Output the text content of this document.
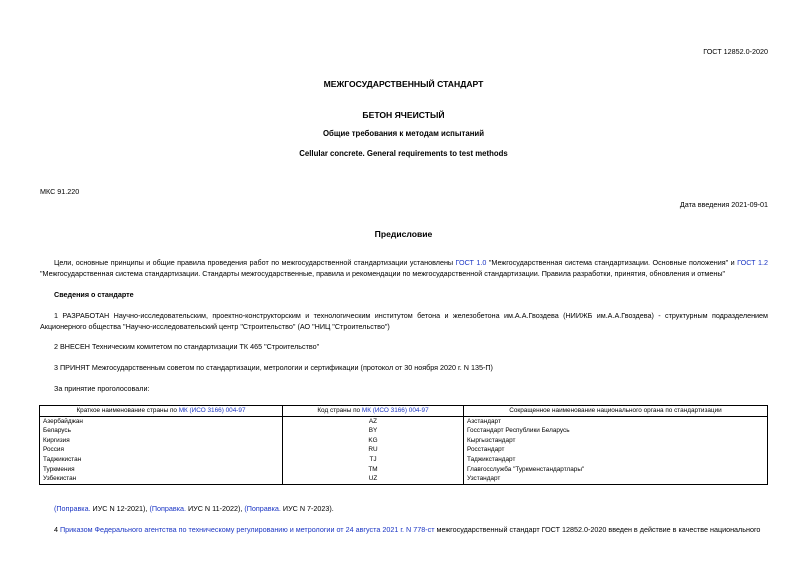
ГОСТ 12852.0-2020
МЕЖГОСУДАРСТВЕННЫЙ СТАНДАРТ
БЕТОН ЯЧЕИСТЫЙ
Общие требования к методам испытаний
Cellular concrete. General requirements to test methods
МКС 91.220
Дата введения 2021-09-01
Предисловие
Цели, основные принципы и общие правила проведения работ по межгосударственной стандартизации установлены ГОСТ 1.0 "Межгосударственная система стандартизации. Основные положения" и ГОСТ 1.2 "Межгосударственная система стандартизации. Стандарты межгосударственные, правила и рекомендации по межгосударственной стандартизации. Правила разработки, принятия, обновления и отмены"
Сведения о стандарте
1 РАЗРАБОТАН Научно-исследовательским, проектно-конструкторским и технологическим институтом бетона и железобетона им.А.А.Гвоздева (НИИЖБ им.А.А.Гвоздева) - структурным подразделением Акционерного общества "Научно-исследовательский центр "Строительство" (АО "НИЦ "Строительство")
2 ВНЕСЕН Техническим комитетом по стандартизации ТК 465 "Строительство"
3 ПРИНЯТ Межгосударственным советом по стандартизации, метрологии и сертификации (протокол от 30 ноября 2020 г. N 135-П)
За принятие проголосовали:
Краткое наименование страны по МК (ИСО 3166) 004-97	Код страны по МК (ИСО 3166) 004-97	Сокращенное наименование национального органа по стандартизации
Азербайджан	AZ	Азстандарт
Беларусь	BY	Госстандарт Республики Беларусь
Киргизия	KG	Кыргызстандарт
Россия	RU	Росстандарт
Таджикистан	TJ	Таджикстандарт
Туркмения	TM	Главгосслужба "Туркменстандартлары"
Узбекистан	UZ	Узстандарт
(Поправка. ИУС N 12-2021), (Поправка. ИУС N 11-2022), (Поправка. ИУС N 7-2023).
4 Приказом Федерального агентства по техническому регулированию и метрологии от 24 августа 2021 г. N 778-ст межгосударственный стандарт ГОСТ 12852.0-2020 введен в действие в качестве национального
